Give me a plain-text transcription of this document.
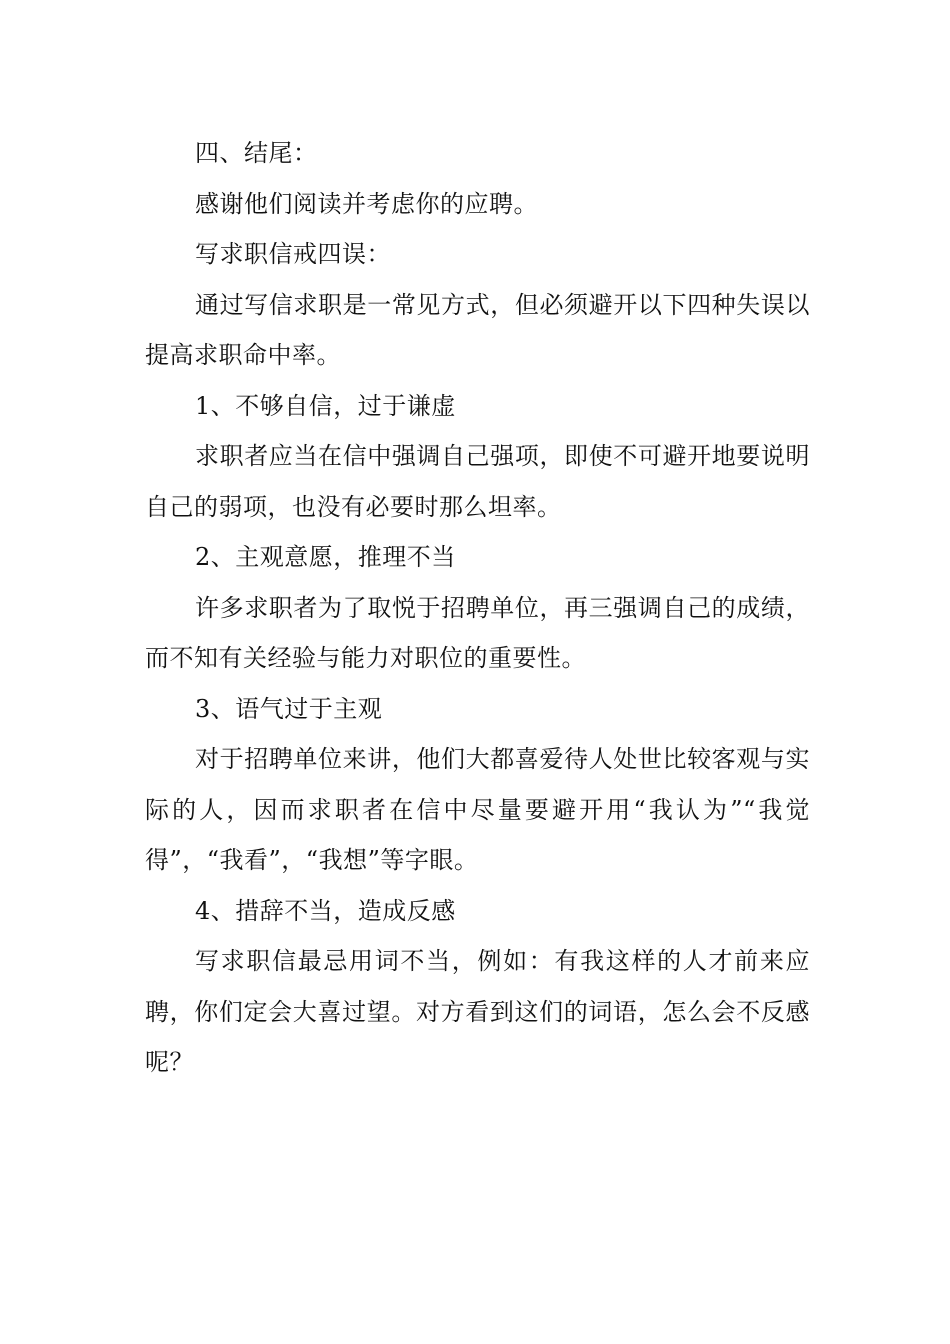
四、结尾：

感谢他们阅读并考虑你的应聘。

写求职信戒四误：

通过写信求职是一常见方式，但必须避开以下四种失误以提高求职命中率。

1、不够自信，过于谦虚

求职者应当在信中强调自己强项，即使不可避开地要说明自己的弱项，也没有必要时那么坦率。

2、主观意愿，推理不当

许多求职者为了取悦于招聘单位，再三强调自己的成绩，而不知有关经验与能力对职位的重要性。

3、语气过于主观

对于招聘单位来讲，他们大都喜爱待人处世比较客观与实际的人，因而求职者在信中尽量要避开用“我认为”“我觉得”，“我看”，“我想”等字眼。

4、措辞不当，造成反感

写求职信最忌用词不当，例如：有我这样的人才前来应聘，你们定会大喜过望。对方看到这们的词语，怎么会不反感呢？
